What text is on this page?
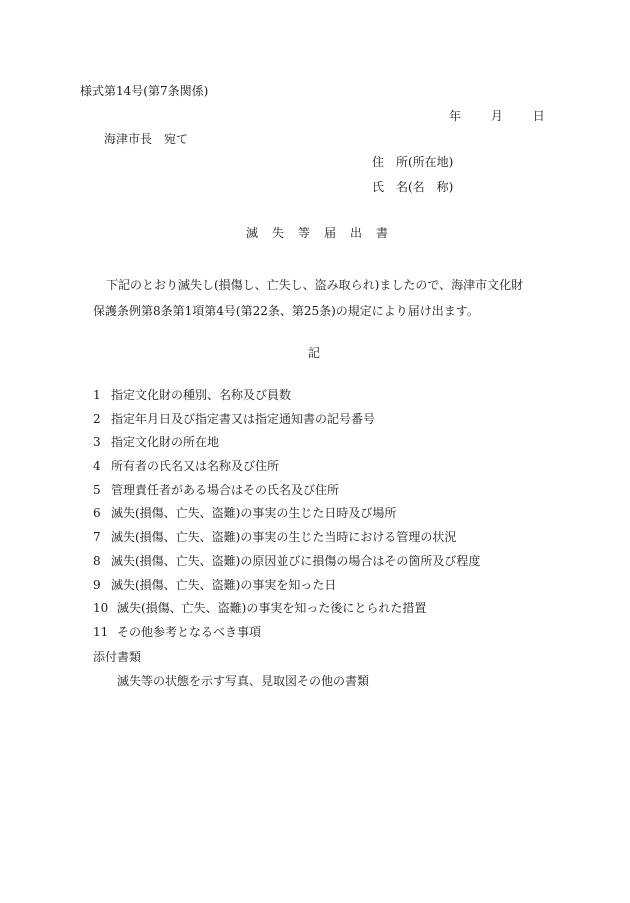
様式第14号(第7条関係)
年 月 日
海津市長 宛て
住　所(所在地)
氏　名(名　称)
滅失等届出書
下記のとおり滅失し(損傷し、亡失し、盗み取られ)ましたので、海津市文化財
保護条例第8条第1項第4号(第22条、第25条)の規定により届け出ます。
記
1 指定文化財の種別、名称及び員数
2 指定年月日及び指定書又は指定通知書の記号番号
3 指定文化財の所在地
4 所有者の氏名又は名称及び住所
5 管理責任者がある場合はその氏名及び住所
6 滅失(損傷、亡失、盗難)の事実の生じた日時及び場所
7 滅失(損傷、亡失、盗難)の事実の生じた当時における管理の状況
8 滅失(損傷、亡失、盗難)の原因並びに損傷の場合はその箇所及び程度
9 滅失(損傷、亡失、盗難)の事実を知った日
10 滅失(損傷、亡失、盗難)の事実を知った後にとられた措置
11 その他参考となるべき事項
添付書類
滅失等の状態を示す写真、見取図その他の書類
